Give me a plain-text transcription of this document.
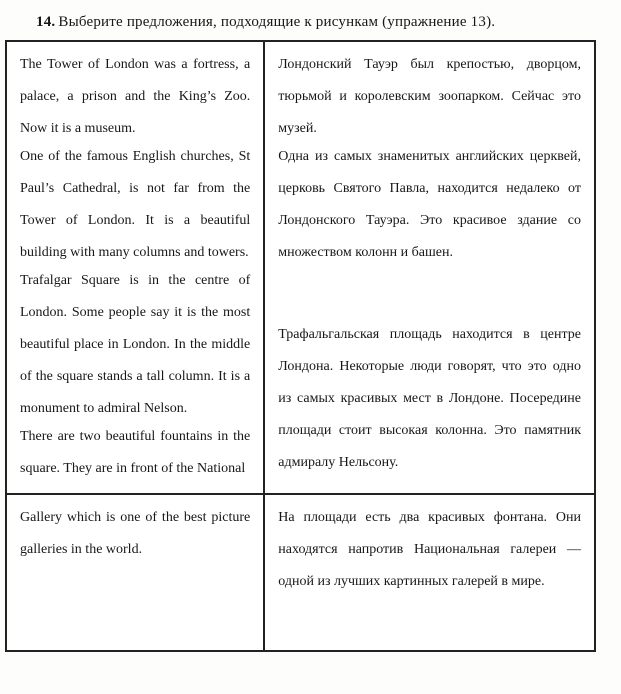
14. Выберите предложения, подходящие к рисункам (упражнение 13).

The Tower of London was a fortress, a palace, a prison and the King’s Zoo. Now it is a museum.

One of the famous English churches, St Paul’s Cathedral, is not far from the Tower of London. It is a beautiful building with many columns and towers.

Trafalgar Square is in the centre of London. Some people say it is the most beautiful place in London. In the middle of the square stands a tall column. It is a monument to admiral Nelson.

There are two beautiful fountains in the square. They are in front of the National

Лондонский Тауэр был крепостью, дворцом, тюрьмой и королевским зоопарком. Сейчас это музей.

Одна из самых знаменитых английских церквей, церковь Святого Павла, находится недалеко от Лондонского Тауэра. Это красивое здание со множеством колонн и башен.

Трафальгальская площадь находится в центре Лондона. Некоторые люди говорят, что это одно из самых красивых мест в Лондоне. Посередине площади стоит высокая колонна. Это памятник адмиралу Нельсону.

Gallery which is one of the best picture galleries in the world.

На площади есть два красивых фонтана. Они находятся напротив Национальная галереи — одной из лучших картинных галерей в мире.
